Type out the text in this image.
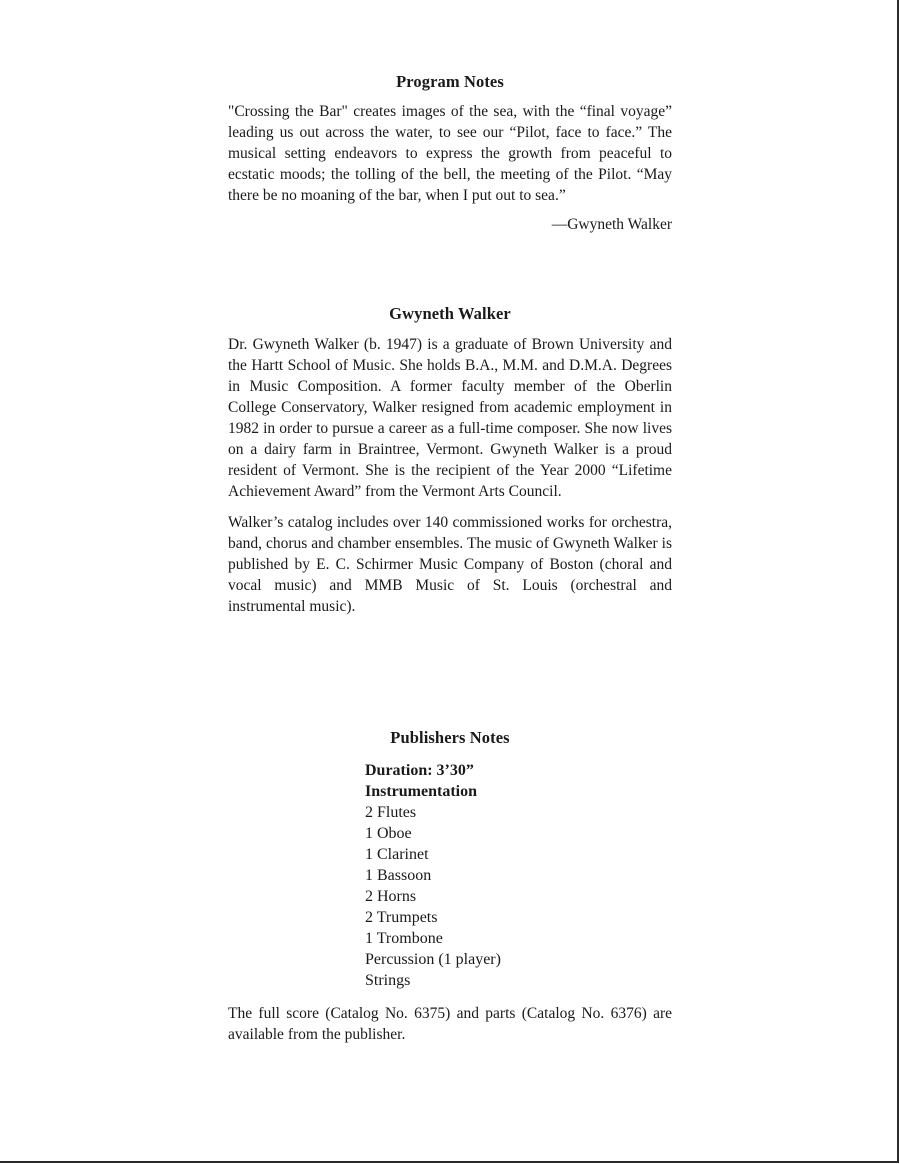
Program Notes

"Crossing the Bar" creates images of the sea, with the “final voyage” leading us out across the water, to see our “Pilot, face to face.” The musical setting endeavors to express the growth from peaceful to ecstatic moods; the tolling of the bell, the meeting of the Pilot. “May there be no moaning of the bar, when I put out to sea.”

—Gwyneth Walker
Gwyneth Walker

Dr. Gwyneth Walker (b. 1947) is a graduate of Brown University and the Hartt School of Music. She holds B.A., M.M. and D.M.A. Degrees in Music Composition. A former faculty member of the Oberlin College Conservatory, Walker resigned from academic employment in 1982 in order to pursue a career as a full-time composer. She now lives on a dairy farm in Braintree, Vermont. Gwyneth Walker is a proud resident of Vermont. She is the recipient of the Year 2000 “Lifetime Achievement Award” from the Vermont Arts Council.

Walker’s catalog includes over 140 commissioned works for orchestra, band, chorus and chamber ensembles. The music of Gwyneth Walker is published by E. C. Schirmer Music Company of Boston (choral and vocal music) and MMB Music of St. Louis (orchestral and instrumental music).

Publishers Notes
Duration: 3’30”
Instrumentation
2 Flutes
1 Oboe
1 Clarinet
1 Bassoon
2 Horns
2 Trumpets
1 Trombone
Percussion (1 player)
Strings

The full score (Catalog No. 6375) and parts (Catalog No. 6376) are available from the publisher.
